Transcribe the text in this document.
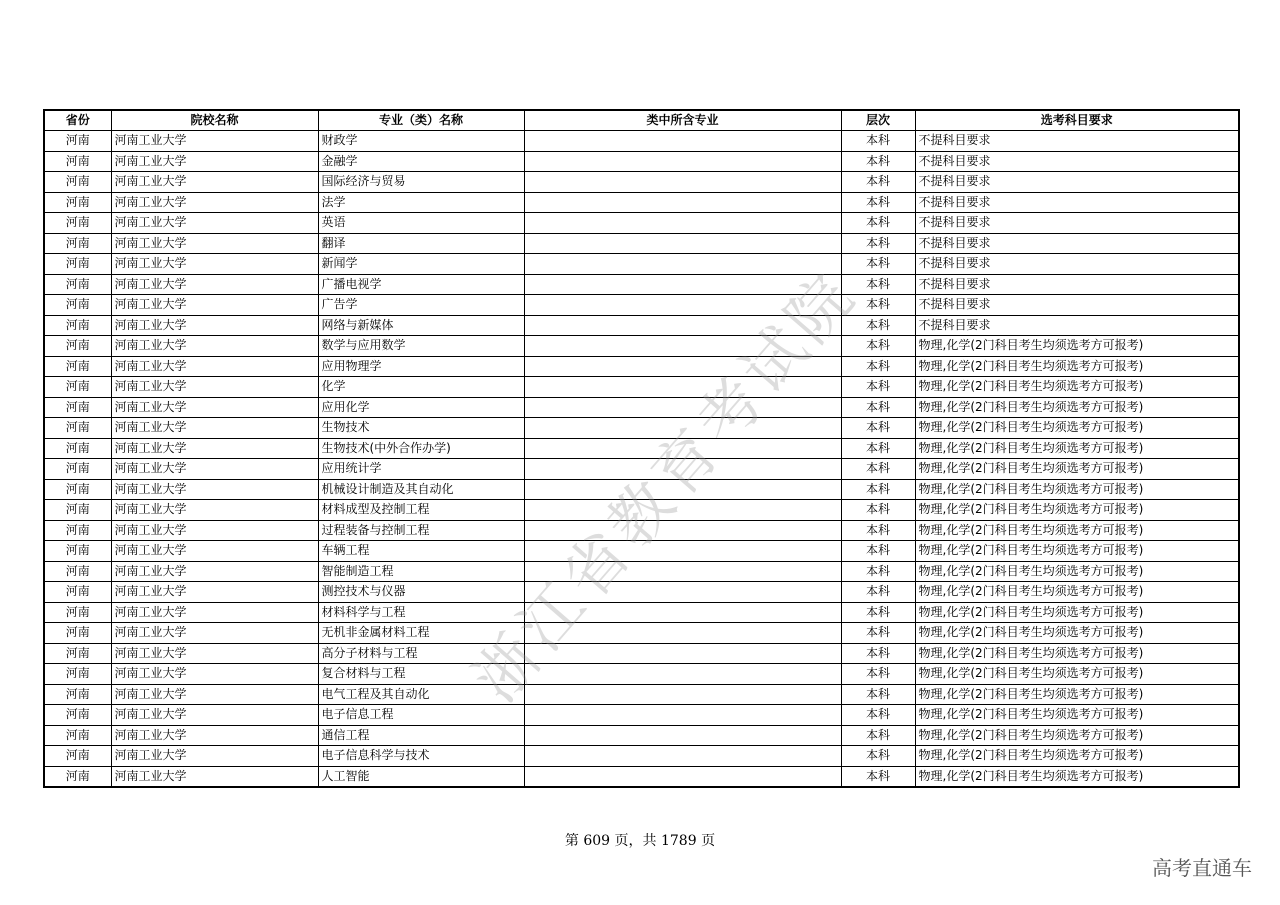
省份	院校名称	专业（类）名称	类中所含专业	层次	选考科目要求
河南	河南工业大学	财政学		本科	不提科目要求
河南	河南工业大学	金融学		本科	不提科目要求
河南	河南工业大学	国际经济与贸易		本科	不提科目要求
河南	河南工业大学	法学		本科	不提科目要求
河南	河南工业大学	英语		本科	不提科目要求
河南	河南工业大学	翻译		本科	不提科目要求
河南	河南工业大学	新闻学		本科	不提科目要求
河南	河南工业大学	广播电视学		本科	不提科目要求
河南	河南工业大学	广告学		本科	不提科目要求
河南	河南工业大学	网络与新媒体		本科	不提科目要求
河南	河南工业大学	数学与应用数学		本科	物理,化学(2门科目考生均须选考方可报考)
河南	河南工业大学	应用物理学		本科	物理,化学(2门科目考生均须选考方可报考)
河南	河南工业大学	化学		本科	物理,化学(2门科目考生均须选考方可报考)
河南	河南工业大学	应用化学		本科	物理,化学(2门科目考生均须选考方可报考)
河南	河南工业大学	生物技术		本科	物理,化学(2门科目考生均须选考方可报考)
河南	河南工业大学	生物技术(中外合作办学)		本科	物理,化学(2门科目考生均须选考方可报考)
河南	河南工业大学	应用统计学		本科	物理,化学(2门科目考生均须选考方可报考)
河南	河南工业大学	机械设计制造及其自动化		本科	物理,化学(2门科目考生均须选考方可报考)
河南	河南工业大学	材料成型及控制工程		本科	物理,化学(2门科目考生均须选考方可报考)
河南	河南工业大学	过程装备与控制工程		本科	物理,化学(2门科目考生均须选考方可报考)
河南	河南工业大学	车辆工程		本科	物理,化学(2门科目考生均须选考方可报考)
河南	河南工业大学	智能制造工程		本科	物理,化学(2门科目考生均须选考方可报考)
河南	河南工业大学	测控技术与仪器		本科	物理,化学(2门科目考生均须选考方可报考)
河南	河南工业大学	材料科学与工程		本科	物理,化学(2门科目考生均须选考方可报考)
河南	河南工业大学	无机非金属材料工程		本科	物理,化学(2门科目考生均须选考方可报考)
河南	河南工业大学	高分子材料与工程		本科	物理,化学(2门科目考生均须选考方可报考)
河南	河南工业大学	复合材料与工程		本科	物理,化学(2门科目考生均须选考方可报考)
河南	河南工业大学	电气工程及其自动化		本科	物理,化学(2门科目考生均须选考方可报考)
河南	河南工业大学	电子信息工程		本科	物理,化学(2门科目考生均须选考方可报考)
河南	河南工业大学	通信工程		本科	物理,化学(2门科目考生均须选考方可报考)
河南	河南工业大学	电子信息科学与技术		本科	物理,化学(2门科目考生均须选考方可报考)
河南	河南工业大学	人工智能		本科	物理,化学(2门科目考生均须选考方可报考)
浙江省教育考试院
第 609 页，共 1789 页
高考直通车
